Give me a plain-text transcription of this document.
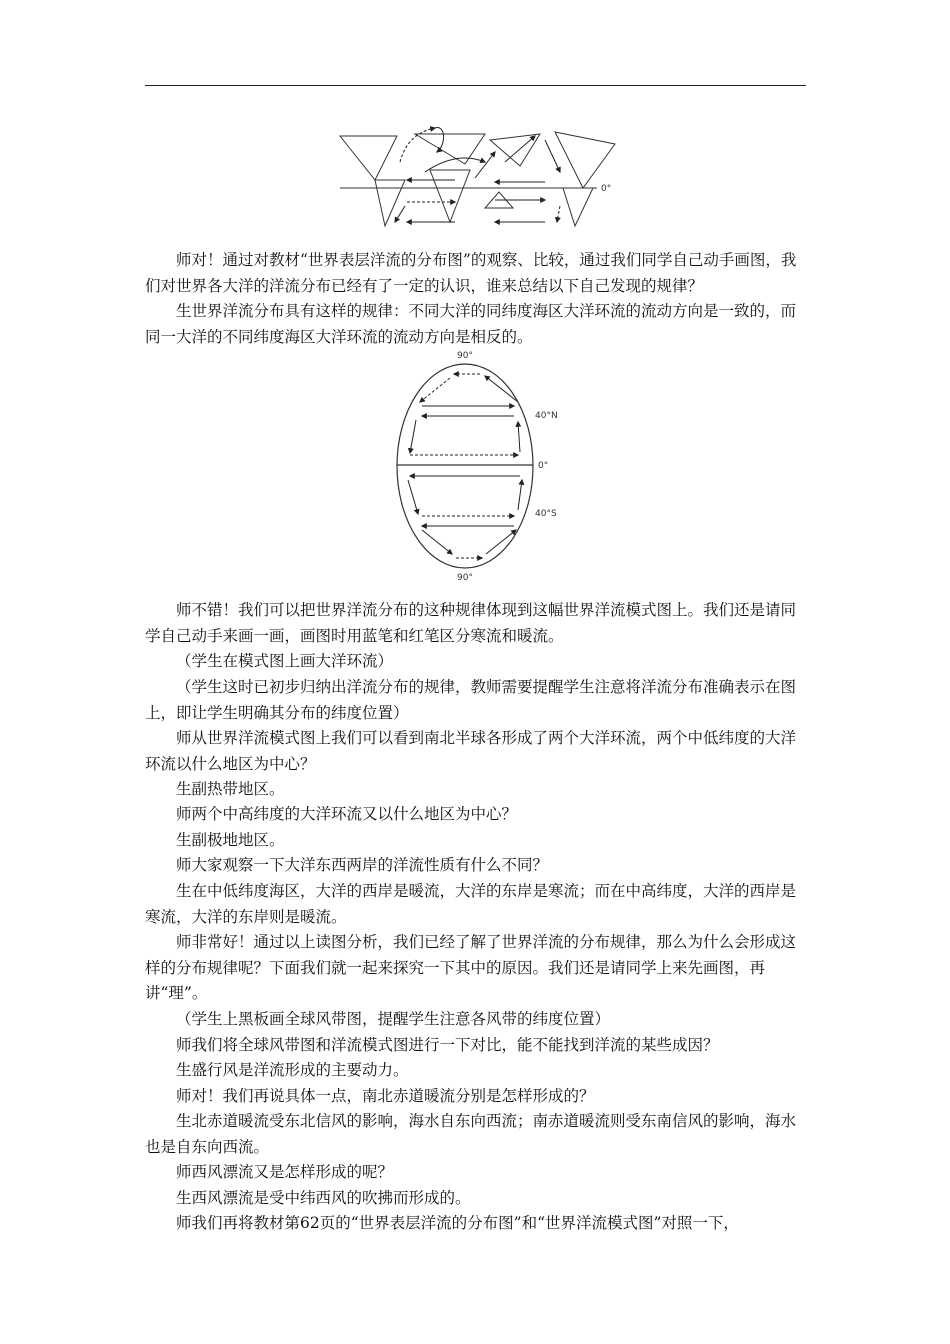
0°
90°
40°N
0°
40°S
90°

师对！通过对教材“世界表层洋流的分布图”的观察、比较，通过我们同学自己动手画图，我们对世界各大洋的洋流分布已经有了一定的认识，谁来总结以下自己发现的规律？

生世界洋流分布具有这样的规律：不同大洋的同纬度海区大洋环流的流动方向是一致的，而同一大洋的不同纬度海区大洋环流的流动方向是相反的。

师不错！我们可以把世界洋流分布的这种规律体现到这幅世界洋流模式图上。我们还是请同学自己动手来画一画，画图时用蓝笔和红笔区分寒流和暖流。

（学生在模式图上画大洋环流）

（学生这时已初步归纳出洋流分布的规律，教师需要提醒学生注意将洋流分布准确表示在图上，即让学生明确其分布的纬度位置）

师从世界洋流模式图上我们可以看到南北半球各形成了两个大洋环流，两个中低纬度的大洋环流以什么地区为中心？

生副热带地区。

师两个中高纬度的大洋环流又以什么地区为中心？

生副极地地区。

师大家观察一下大洋东西两岸的洋流性质有什么不同？

生在中低纬度海区，大洋的西岸是暖流，大洋的东岸是寒流；而在中高纬度，大洋的西岸是寒流，大洋的东岸则是暖流。

师非常好！通过以上读图分析，我们已经了解了世界洋流的分布规律，那么为什么会形成这样的分布规律呢？下面我们就一起来探究一下其中的原因。我们还是请同学上来先画图，再讲“理”。

（学生上黑板画全球风带图，提醒学生注意各风带的纬度位置）

师我们将全球风带图和洋流模式图进行一下对比，能不能找到洋流的某些成因？

生盛行风是洋流形成的主要动力。

师对！我们再说具体一点，南北赤道暖流分别是怎样形成的？

生北赤道暖流受东北信风的影响，海水自东向西流；南赤道暖流则受东南信风的影响，海水也是自东向西流。

师西风漂流又是怎样形成的呢？

生西风漂流是受中纬西风的吹拂而形成的。

师我们再将教材第62页的“世界表层洋流的分布图”和“世界洋流模式图”对照一下，
